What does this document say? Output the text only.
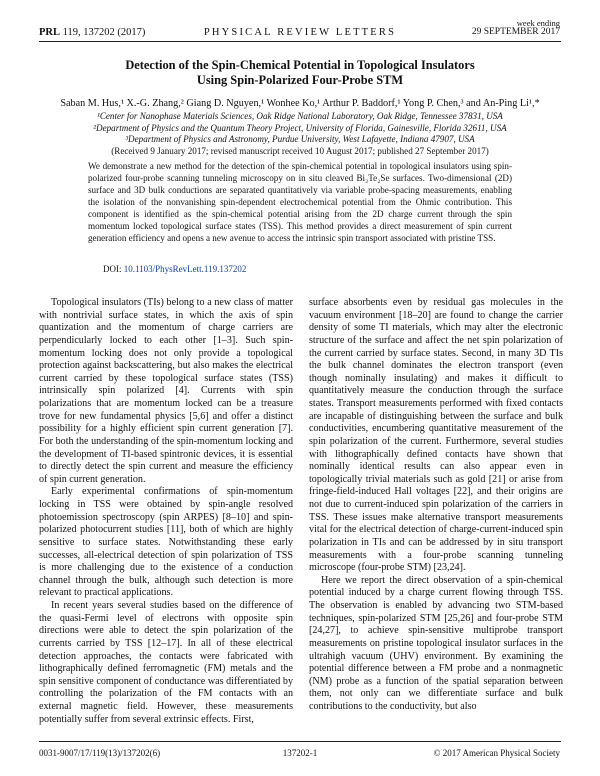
PRL 119, 137202 (2017)	PHYSICAL REVIEW LETTERS
week ending
29 SEPTEMBER 2017
Detection of the Spin-Chemical Potential in Topological Insulators
Using Spin-Polarized Four-Probe STM
Saban M. Hus,¹ X.-G. Zhang,² Giang D. Nguyen,¹ Wonhee Ko,¹ Arthur P. Baddorf,¹ Yong P. Chen,³ and An-Ping Li¹,*
¹Center for Nanophase Materials Sciences, Oak Ridge National Laboratory, Oak Ridge, Tennessee 37831, USA
²Department of Physics and the Quantum Theory Project, University of Florida, Gainesville, Florida 32611, USA
³Department of Physics and Astronomy, Purdue University, West Lafayette, Indiana 47907, USA
(Received 9 January 2017; revised manuscript received 10 August 2017; published 27 September 2017)
We demonstrate a new method for the detection of the spin-chemical potential in topological insulators using spin-polarized four-probe scanning tunneling microscopy on in situ cleaved Bi₂Te₂Se surfaces. Two-dimensional (2D) surface and 3D bulk conductions are separated quantitatively via variable probe-spacing measurements, enabling the isolation of the nonvanishing spin-dependent electrochemical potential from the Ohmic contribution. This component is identified as the spin-chemical potential arising from the 2D charge current through the spin momentum locked topological surface states (TSS). This method provides a direct measurement of spin current generation efficiency and opens a new avenue to access the intrinsic spin transport associated with pristine TSS.
DOI: 10.1103/PhysRevLett.119.137202

Topological insulators (TIs) belong to a new class of matter with nontrivial surface states, in which the axis of spin quantization and the momentum of charge carriers are perpendicularly locked to each other [1–3]. Such spin-momentum locking does not only provide a topological protection against backscattering, but also makes the electrical current carried by these topological surface states (TSS) intrinsically spin polarized [4]. Currents with spin polarizations that are momentum locked can be a treasure trove for new fundamental physics [5,6] and offer a distinct possibility for a highly efficient spin current generation [7]. For both the understanding of the spin-momentum locking and the development of TI-based spintronic devices, it is essential to directly detect the spin current and measure the efficiency of spin current generation.

Early experimental confirmations of spin-momentum locking in TSS were obtained by spin-angle resolved photoemission spectroscopy (spin ARPES) [8–10] and spin-polarized photocurrent studies [11], both of which are highly sensitive to surface states. Notwithstanding these early successes, all-electrical detection of spin polarization of TSS is more challenging due to the existence of a conduction channel through the bulk, although such detection is more relevant to practical applications.

In recent years several studies based on the difference of the quasi-Fermi level of electrons with opposite spin directions were able to detect the spin polarization of the currents carried by TSS [12–17]. In all of these electrical detection approaches, the contacts were fabricated with lithographically defined ferromagnetic (FM) metals and the spin sensitive component of conductance was differentiated by controlling the polarization of the FM contacts with an external magnetic field. However, these measurements potentially suffer from several extrinsic effects. First,

surface absorbents even by residual gas molecules in the vacuum environment [18–20] are found to change the carrier density of some TI materials, which may alter the electronic structure of the surface and affect the net spin polarization of the current carried by surface states. Second, in many 3D TIs the bulk channel dominates the electron transport (even though nominally insulating) and makes it difficult to quantitatively measure the conduction through the surface states. Transport measurements performed with fixed contacts are incapable of distinguishing between the surface and bulk conductivities, encumbering quantitative measurement of the spin polarization of the current. Furthermore, several studies with lithographically defined contacts have shown that nominally identical results can also appear even in topologically trivial materials such as gold [21] or arise from fringe-field-induced Hall voltages [22], and their origins are not due to current-induced spin polarization of the carriers in TSS. These issues make alternative transport measurements vital for the electrical detection of charge-current-induced spin polarization in TIs and can be addressed by in situ transport measurements with a four-probe scanning tunneling microscope (four-probe STM) [23,24].

Here we report the direct observation of a spin-chemical potential induced by a charge current flowing through TSS. The observation is enabled by advancing two STM-based techniques, spin-polarized STM [25,26] and four-probe STM [24,27], to achieve spin-sensitive multiprobe transport measurements on pristine topological insulator surfaces in the ultrahigh vacuum (UHV) environment. By examining the potential difference between a FM probe and a nonmagnetic (NM) probe as a function of the spatial separation between them, not only can we differentiate surface and bulk contributions to the conductivity, but also

0031-9007/17/119(13)/137202(6)	137202-1	© 2017 American Physical Society
